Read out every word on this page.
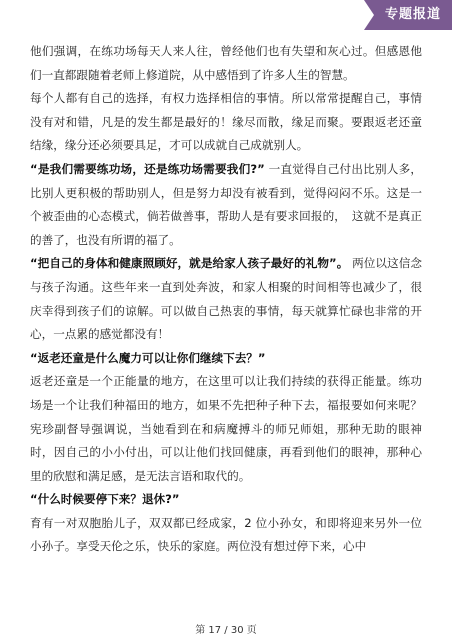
专题报道

他们强调，在练功场每天人来人往，曾经他们也有失望和灰心过。但感恩他们一直都跟随着老师上修道院，从中感悟到了许多人生的智慧。

每个人都有自己的选择，有权力选择相信的事情。所以常常提醒自己，事情没有对和错，凡是的发生都是最好的！缘尽而散，缘足而聚。要跟返老还童结缘，缘分还必须要具足，才可以成就自己成就别人。

“是我们需要练功场，还是练功场需要我们?” 一直觉得自己付出比别人多，比别人更积极的帮助别人，但是努力却没有被看到，觉得闷闷不乐。这是一个被歪曲的心态模式，倘若做善事，帮助人是有要求回报的，　这就不是真正的善了，也没有所谓的福了。

“把自己的身体和健康照顾好，就是给家人孩子最好的礼物”。 两位以这信念与孩子沟通。这些年来一直到处奔波，和家人相聚的时间相等也减少了，很庆幸得到孩子们的谅解。可以做自己热衷的事情，每天就算忙碌也非常的开心，一点累的感觉都没有！

“返老还童是什么魔力可以让你们继续下去？”

返老还童是一个正能量的地方，在这里可以让我们持续的获得正能量。练功场是一个让我们种福田的地方，如果不先把种子种下去，福报要如何来呢？宪珍副督导强调说，当她看到在和病魔搏斗的师兄师姐，那种无助的眼神时，因自己的小小付出，可以让他们找回健康，再看到他们的眼神，那种心里的欣慰和满足感，是无法言语和取代的。

“什么时候要停下来？退休?”

育有一对双胞胎儿子，双双都已经成家，2 位小孙女，和即将迎来另外一位小孙子。享受天伦之乐，快乐的家庭。两位没有想过停下来，心中

第 17 / 30 页
